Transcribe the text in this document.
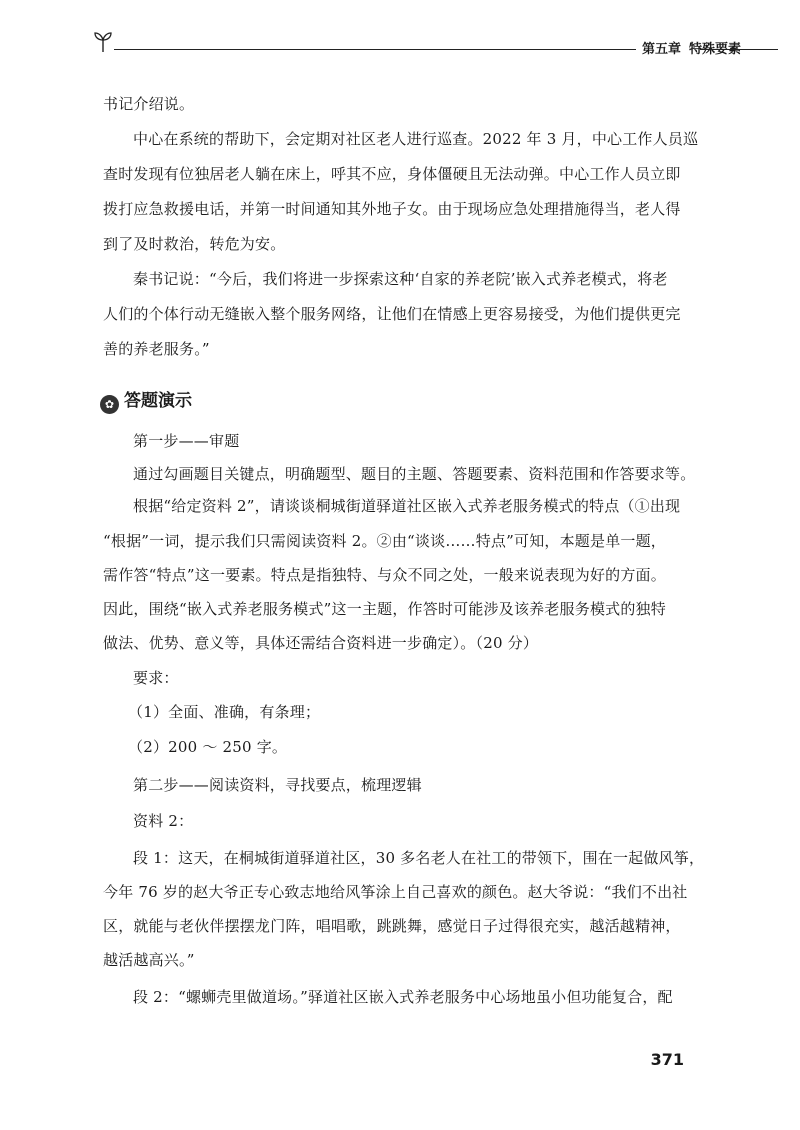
第五章 特殊要素
书记介绍说。
中心在系统的帮助下，会定期对社区老人进行巡查。2022 年 3 月，中心工作人员巡
查时发现有位独居老人躺在床上，呼其不应，身体僵硬且无法动弹。中心工作人员立即
拨打应急救援电话，并第一时间通知其外地子女。由于现场应急处理措施得当，老人得
到了及时救治，转危为安。
秦书记说：“今后，我们将进一步探索这种‘自家的养老院’嵌入式养老模式，将老
人们的个体行动无缝嵌入整个服务网络，让他们在情感上更容易接受，为他们提供更完
善的养老服务。”
✿ 答题演示
第一步——审题
通过勾画题目关键点，明确题型、题目的主题、答题要素、资料范围和作答要求等。
根据“给定资料 2”，请谈谈桐城街道驿道社区嵌入式养老服务模式的特点（①出现
“根据”一词，提示我们只需阅读资料 2。②由“谈谈……特点”可知，本题是单一题，
需作答“特点”这一要素。特点是指独特、与众不同之处，一般来说表现为好的方面。
因此，围绕“嵌入式养老服务模式”这一主题，作答时可能涉及该养老服务模式的独特
做法、优势、意义等，具体还需结合资料进一步确定）。（20 分）
要求：
（1）全面、准确，有条理；
（2）200 ～ 250 字。
第二步——阅读资料，寻找要点，梳理逻辑
资料 2：
段 1：这天，在桐城街道驿道社区，30 多名老人在社工的带领下，围在一起做风筝，
今年 76 岁的赵大爷正专心致志地给风筝涂上自己喜欢的颜色。赵大爷说：“我们不出社
区，就能与老伙伴摆摆龙门阵，唱唱歌，跳跳舞，感觉日子过得很充实，越活越精神，
越活越高兴。”
段 2：“螺蛳壳里做道场。”驿道社区嵌入式养老服务中心场地虽小但功能复合，配
371
